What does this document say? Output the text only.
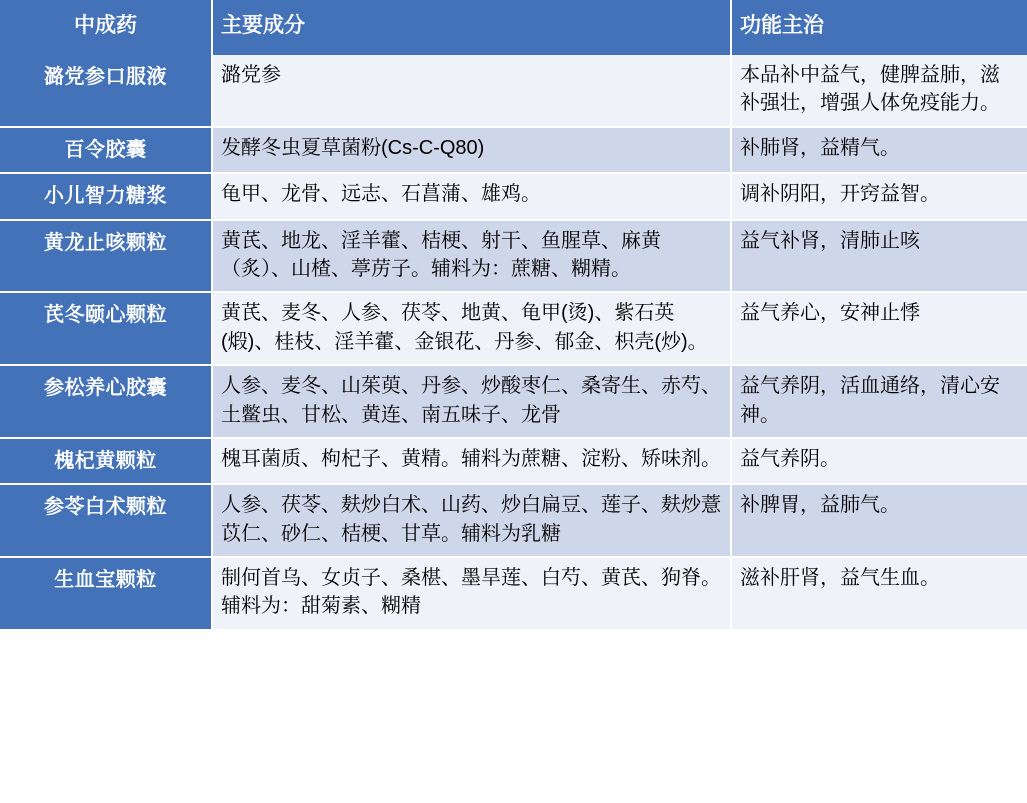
中成药	主要成分	功能主治
潞党参口服液	潞党参	本品补中益气，健脾益肺，滋补强壮，增强人体免疫能力。
百令胶囊	发酵冬虫夏草菌粉(Cs-C-Q80)	补肺肾，益精气。
小儿智力糖浆	龟甲、龙骨、远志、石菖蒲、雄鸡。	调补阴阳，开窍益智。
黄龙止咳颗粒	黄芪、地龙、淫羊藿、桔梗、射干、鱼腥草、麻黄（炙）、山楂、葶苈子。辅料为：蔗糖、糊精。	益气补肾，清肺止咳
芪冬颐心颗粒	黄芪、麦冬、人参、茯苓、地黄、龟甲(烫)、紫石英(煅)、桂枝、淫羊藿、金银花、丹参、郁金、枳壳(炒)。	益气养心，安神止悸
参松养心胶囊	人参、麦冬、山茱萸、丹参、炒酸枣仁、桑寄生、赤芍、土鳖虫、甘松、黄连、南五味子、龙骨	益气养阴，活血通络，清心安神。
槐杞黄颗粒	槐耳菌质、枸杞子、黄精。辅料为蔗糖、淀粉、矫味剂。	益气养阴。
参苓白术颗粒	人参、茯苓、麸炒白术、山药、炒白扁豆、莲子、麸炒薏苡仁、砂仁、桔梗、甘草。辅料为乳糖	补脾胃，益肺气。
生血宝颗粒	制何首乌、女贞子、桑椹、墨旱莲、白芍、黄芪、狗脊。辅料为：甜菊素、糊精	滋补肝肾，益气生血。
